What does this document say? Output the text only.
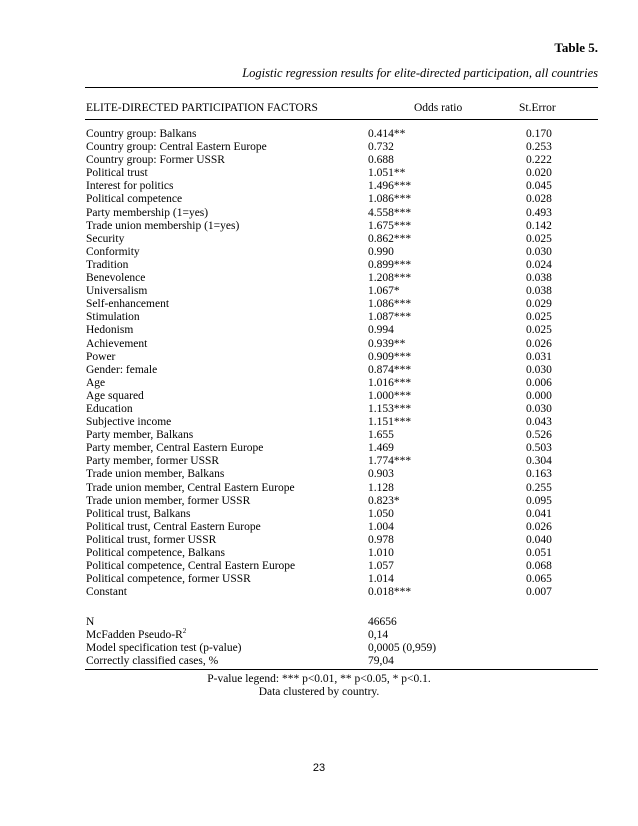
Table 5.
Logistic regression results for elite-directed participation, all countries
ELITE-DIRECTED PARTICIPATION FACTORS	Odds ratio	St.Error
Country group: Balkans	0.414**	0.170
Country group: Central Eastern Europe	0.732	0.253
Country group: Former USSR	0.688	0.222
Political trust	1.051**	0.020
Interest for politics	1.496***	0.045
Political competence	1.086***	0.028
Party membership (1=yes)	4.558***	0.493
Trade union membership (1=yes)	1.675***	0.142
Security	0.862***	0.025
Conformity	0.990	0.030
Tradition	0.899***	0.024
Benevolence	1.208***	0.038
Universalism	1.067*	0.038
Self-enhancement	1.086***	0.029
Stimulation	1.087***	0.025
Hedonism	0.994	0.025
Achievement	0.939**	0.026
Power	0.909***	0.031
Gender: female	0.874***	0.030
Age	1.016***	0.006
Age squared	1.000***	0.000
Education	1.153***	0.030
Subjective income	1.151***	0.043
Party member, Balkans	1.655	0.526
Party member, Central Eastern Europe	1.469	0.503
Party member, former USSR	1.774***	0.304
Trade union member, Balkans	0.903	0.163
Trade union member, Central Eastern Europe	1.128	0.255
Trade union member, former USSR	0.823*	0.095
Political trust, Balkans	1.050	0.041
Political trust, Central Eastern Europe	1.004	0.026
Political trust, former USSR	0.978	0.040
Political competence, Balkans	1.010	0.051
Political competence, Central Eastern Europe	1.057	0.068
Political competence, former USSR	1.014	0.065
Constant	0.018***	0.007
N	46656
McFadden Pseudo-$R^2$	0,14
Model specification test (p-value)	0,0005 (0,959)
Correctly classified cases, %	79,04
P-value legend: *** p<0.01, ** p<0.05, * p<0.1.
Data clustered by country.
23
